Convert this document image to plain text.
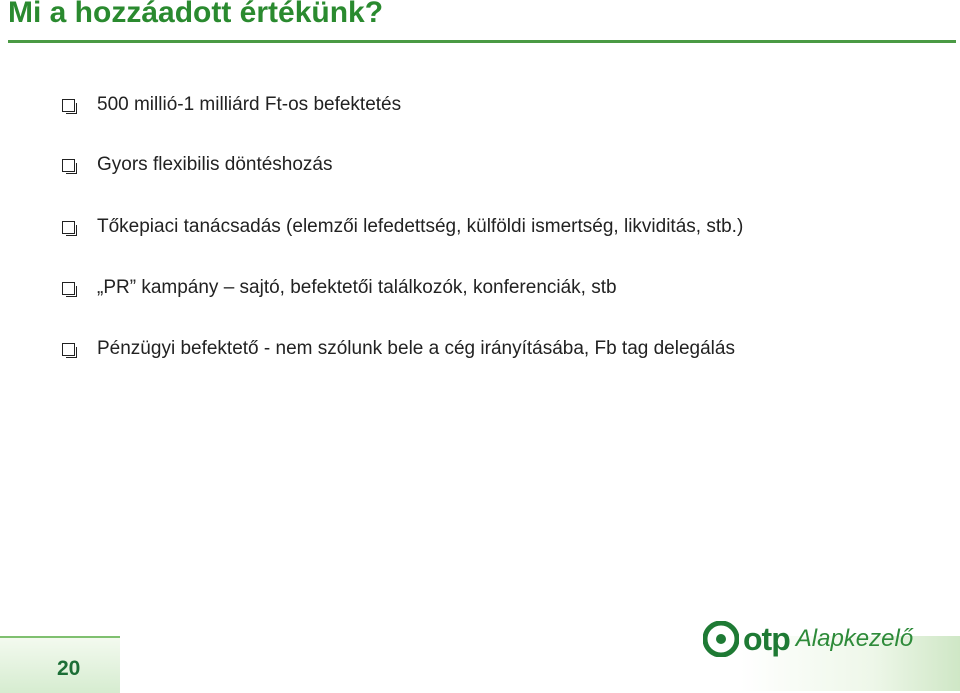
Mi a hozzáadott értékünk?
500 millió-1 milliárd Ft-os befektetés
Gyors flexibilis döntéshozás
Tőkepiaci tanácsadás (elemzői lefedettség, külföldi ismertség, likviditás, stb.)
„PR” kampány – sajtó, befektetői találkozók, konferenciák, stb
Pénzügyi befektető - nem szólunk bele a cég irányításába, Fb tag delegálás
20
otp Alapkezelő
